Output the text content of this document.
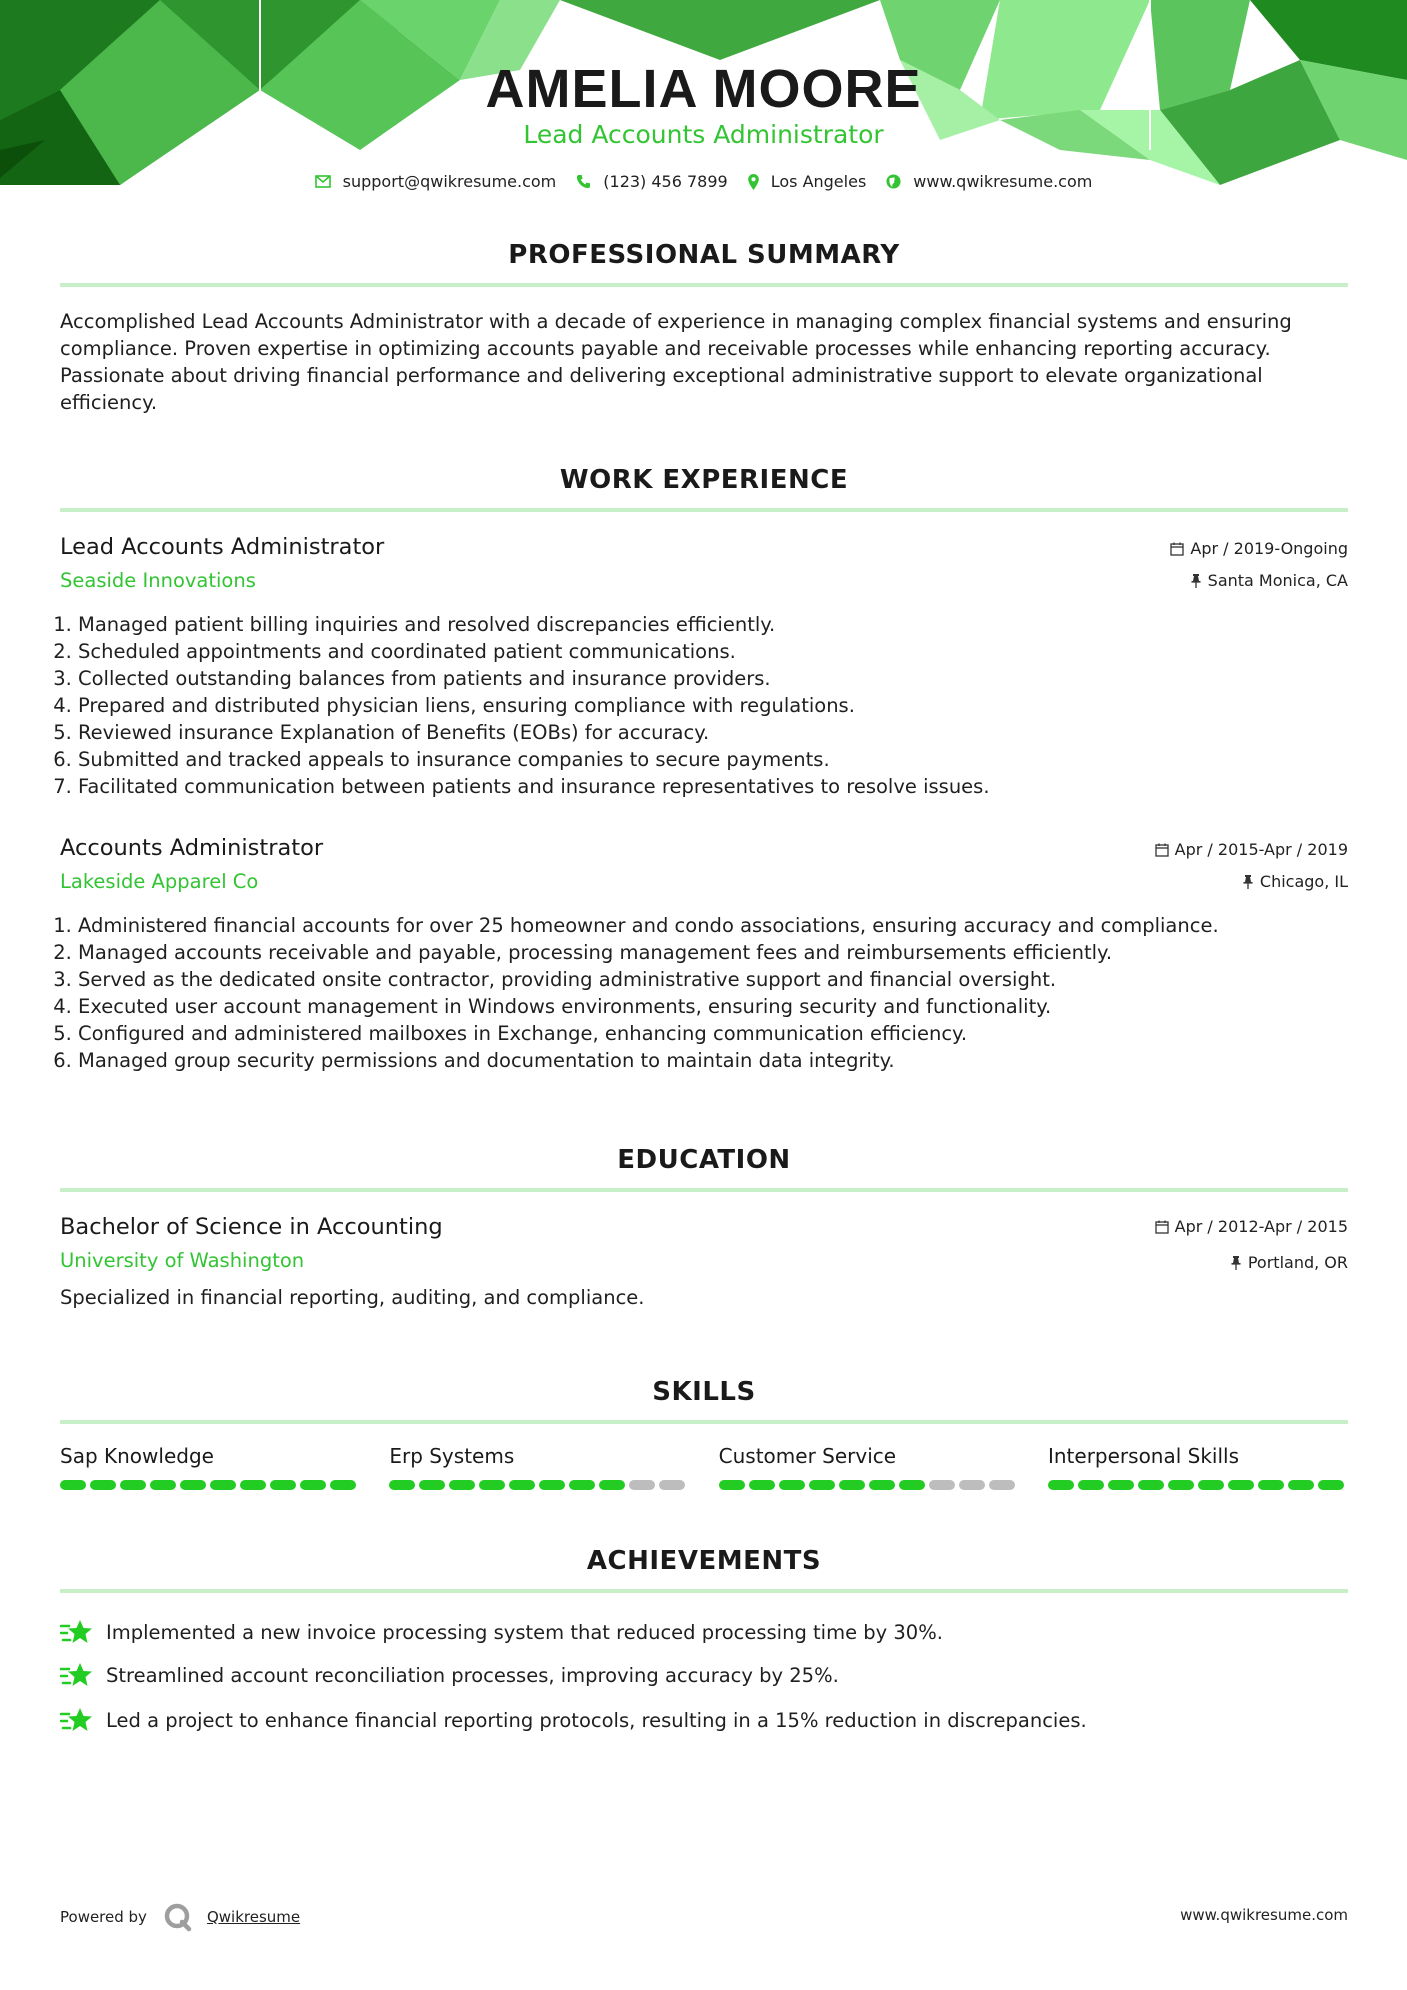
AMELIA MOORE
Lead Accounts Administrator
support@qwikresume.com	(123) 456 7899	Los Angeles	www.qwikresume.com
PROFESSIONAL SUMMARY
Accomplished Lead Accounts Administrator with a decade of experience in managing complex financial systems and ensuring compliance. Proven expertise in optimizing accounts payable and receivable processes while enhancing reporting accuracy. Passionate about driving financial performance and delivering exceptional administrative support to elevate organizational efficiency.
WORK EXPERIENCE
Lead Accounts Administrator
Seaside Innovations
Apr / 2019-Ongoing
Santa Monica, CA
1. Managed patient billing inquiries and resolved discrepancies efficiently.
2. Scheduled appointments and coordinated patient communications.
3. Collected outstanding balances from patients and insurance providers.
4. Prepared and distributed physician liens, ensuring compliance with regulations.
5. Reviewed insurance Explanation of Benefits (EOBs) for accuracy.
6. Submitted and tracked appeals to insurance companies to secure payments.
7. Facilitated communication between patients and insurance representatives to resolve issues.
Accounts Administrator
Lakeside Apparel Co
Apr / 2015-Apr / 2019
Chicago, IL
1. Administered financial accounts for over 25 homeowner and condo associations, ensuring accuracy and compliance.
2. Managed accounts receivable and payable, processing management fees and reimbursements efficiently.
3. Served as the dedicated onsite contractor, providing administrative support and financial oversight.
4. Executed user account management in Windows environments, ensuring security and functionality.
5. Configured and administered mailboxes in Exchange, enhancing communication efficiency.
6. Managed group security permissions and documentation to maintain data integrity.
EDUCATION
Bachelor of Science in Accounting
University of Washington
Apr / 2012-Apr / 2015
Portland, OR
Specialized in financial reporting, auditing, and compliance.
SKILLS
Sap Knowledge	Erp Systems	Customer Service	Interpersonal Skills
ACHIEVEMENTS
Implemented a new invoice processing system that reduced processing time by 30%.
Streamlined account reconciliation processes, improving accuracy by 25%.
Led a project to enhance financial reporting protocols, resulting in a 15% reduction in discrepancies.
Powered by	Qwikresume	www.qwikresume.com
